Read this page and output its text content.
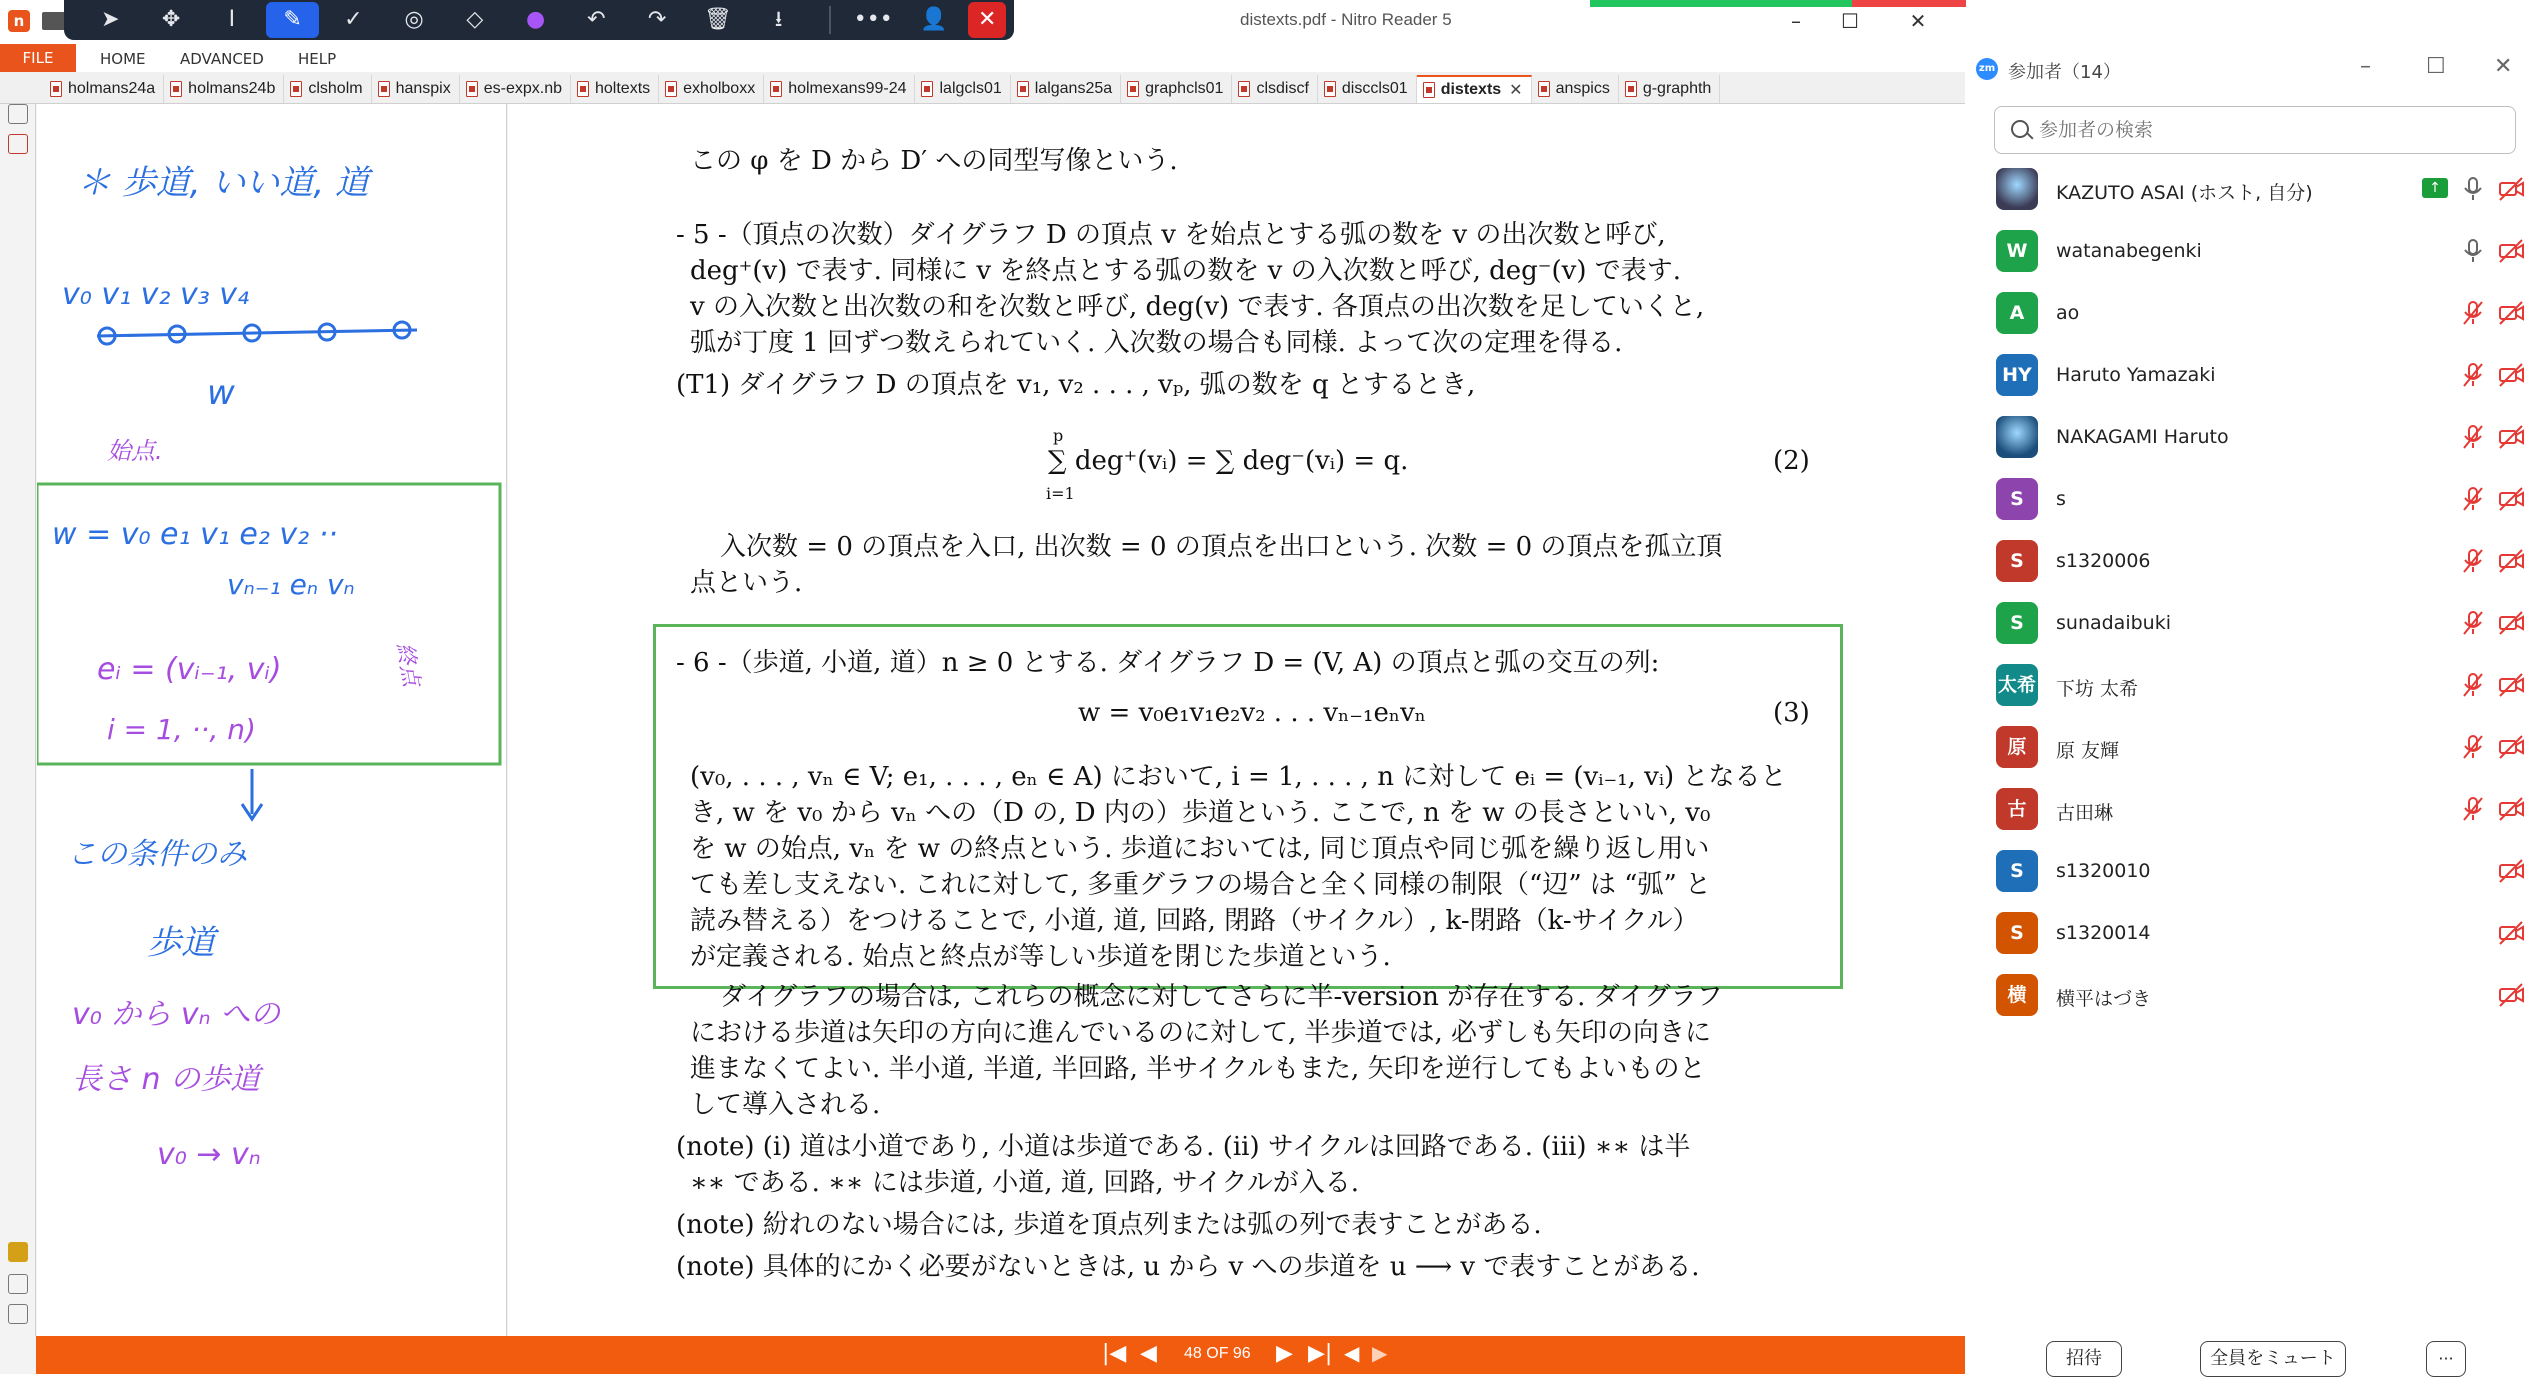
n	distexts.pdf - Nitro Reader 5	–	☐	✕
➤	✥	I	✎	✓	◎	◇	●	↶	↷	🗑	⭳	•••	👤	✕
FILE	HOME ADVANCED HELP
holmans24a holmans24b clsholm hanspix es-expx.nb holtexts exholboxx holmexans99-24 lalgcls01 lalgans25a graphcls01 clsdiscf disccls01 distexts ✕ anspics g-graphth
＊ 歩道, いい道, 道
v₀ v₁ v₂ v₃ v₄
w
始点.
w = v₀ e₁ v₁ e₂ v₂ ··
vₙ₋₁ eₙ vₙ
終点
eᵢ = (vᵢ₋₁, vᵢ)
i = 1, ··, n)
この条件のみ
歩道
v₀ から vₙ への
長さ n の歩道
v₀ → vₙ
この φ を D から D′ への同型写像という.
- 5 -（頂点の次数）ダイグラフ D の頂点 v を始点とする弧の数を v の出次数と呼び,
deg⁺(v) で表す. 同様に v を終点とする弧の数を v の入次数と呼び, deg⁻(v) で表す.
v の入次数と出次数の和を次数と呼び, deg(v) で表す. 各頂点の出次数を足していくと,
弧が丁度 1 回ずつ数えられていく. 入次数の場合も同様. よって次の定理を得る.
(T1) ダイグラフ D の頂点を v₁, v₂ . . . , vₚ, 弧の数を q とするとき,
p
i=1
∑ deg⁺(vᵢ) = ∑ deg⁻(vᵢ) = q.	(2)
入次数 = 0 の頂点を入口, 出次数 = 0 の頂点を出口という. 次数 = 0 の頂点を孤立頂
点という.
- 6 -（歩道, 小道, 道）n ≥ 0 とする. ダイグラフ D = (V, A) の頂点と弧の交互の列:
w = v₀e₁v₁e₂v₂ . . . vₙ₋₁eₙvₙ	(3)
(v₀, . . . , vₙ ∈ V; e₁, . . . , eₙ ∈ A) において, i = 1, . . . , n に対して eᵢ = (vᵢ₋₁, vᵢ) となると
き, w を v₀ から vₙ への（D の, D 内の）歩道という. ここで, n を w の長さといい, v₀
を w の始点, vₙ を w の終点という. 歩道においては, 同じ頂点や同じ弧を繰り返し用い
ても差し支えない. これに対して, 多重グラフの場合と全く同様の制限（“辺” は “弧” と
読み替える）をつけることで, 小道, 道, 回路, 閉路（サイクル）, k-閉路（k-サイクル）
が定義される. 始点と終点が等しい歩道を閉じた歩道という.
ダイグラフの場合は, これらの概念に対してさらに半-version が存在する. ダイグラフ
における歩道は矢印の方向に進んでいるのに対して, 半歩道では, 必ずしも矢印の向きに
進まなくてよい. 半小道, 半道, 半回路, 半サイクルもまた, 矢印を逆行してもよいものと
して導入される.
(note) (i) 道は小道であり, 小道は歩道である. (ii) サイクルは回路である. (iii) ∗∗ は半
∗∗ である. ∗∗ には歩道, 小道, 道, 回路, サイクルが入る.
(note) 紛れのない場合には, 歩道を頂点列または弧の列で表すことがある.
(note) 具体的にかく必要がないときは, u から v への歩道を u ⟶ v で表すことがある.
|◀ ◀ 48 OF 96 ▶ ▶| ◀ ▶
zm 参加者（14）	–	☐ ✕
参加者の検索
KAZUTO ASAI (ホスト, 自分)	↑
W	watanabegenki
A	ao
HY	Haruto Yamazaki
NAKAGAMI Haruto
S	s
S	s1320006
S	sunadaibuki
太希 下坊 太希
原	原 友輝
古	古田琳
S	s1320010
S	s1320014
横	横平はづき
招待	全員をミュート	···
